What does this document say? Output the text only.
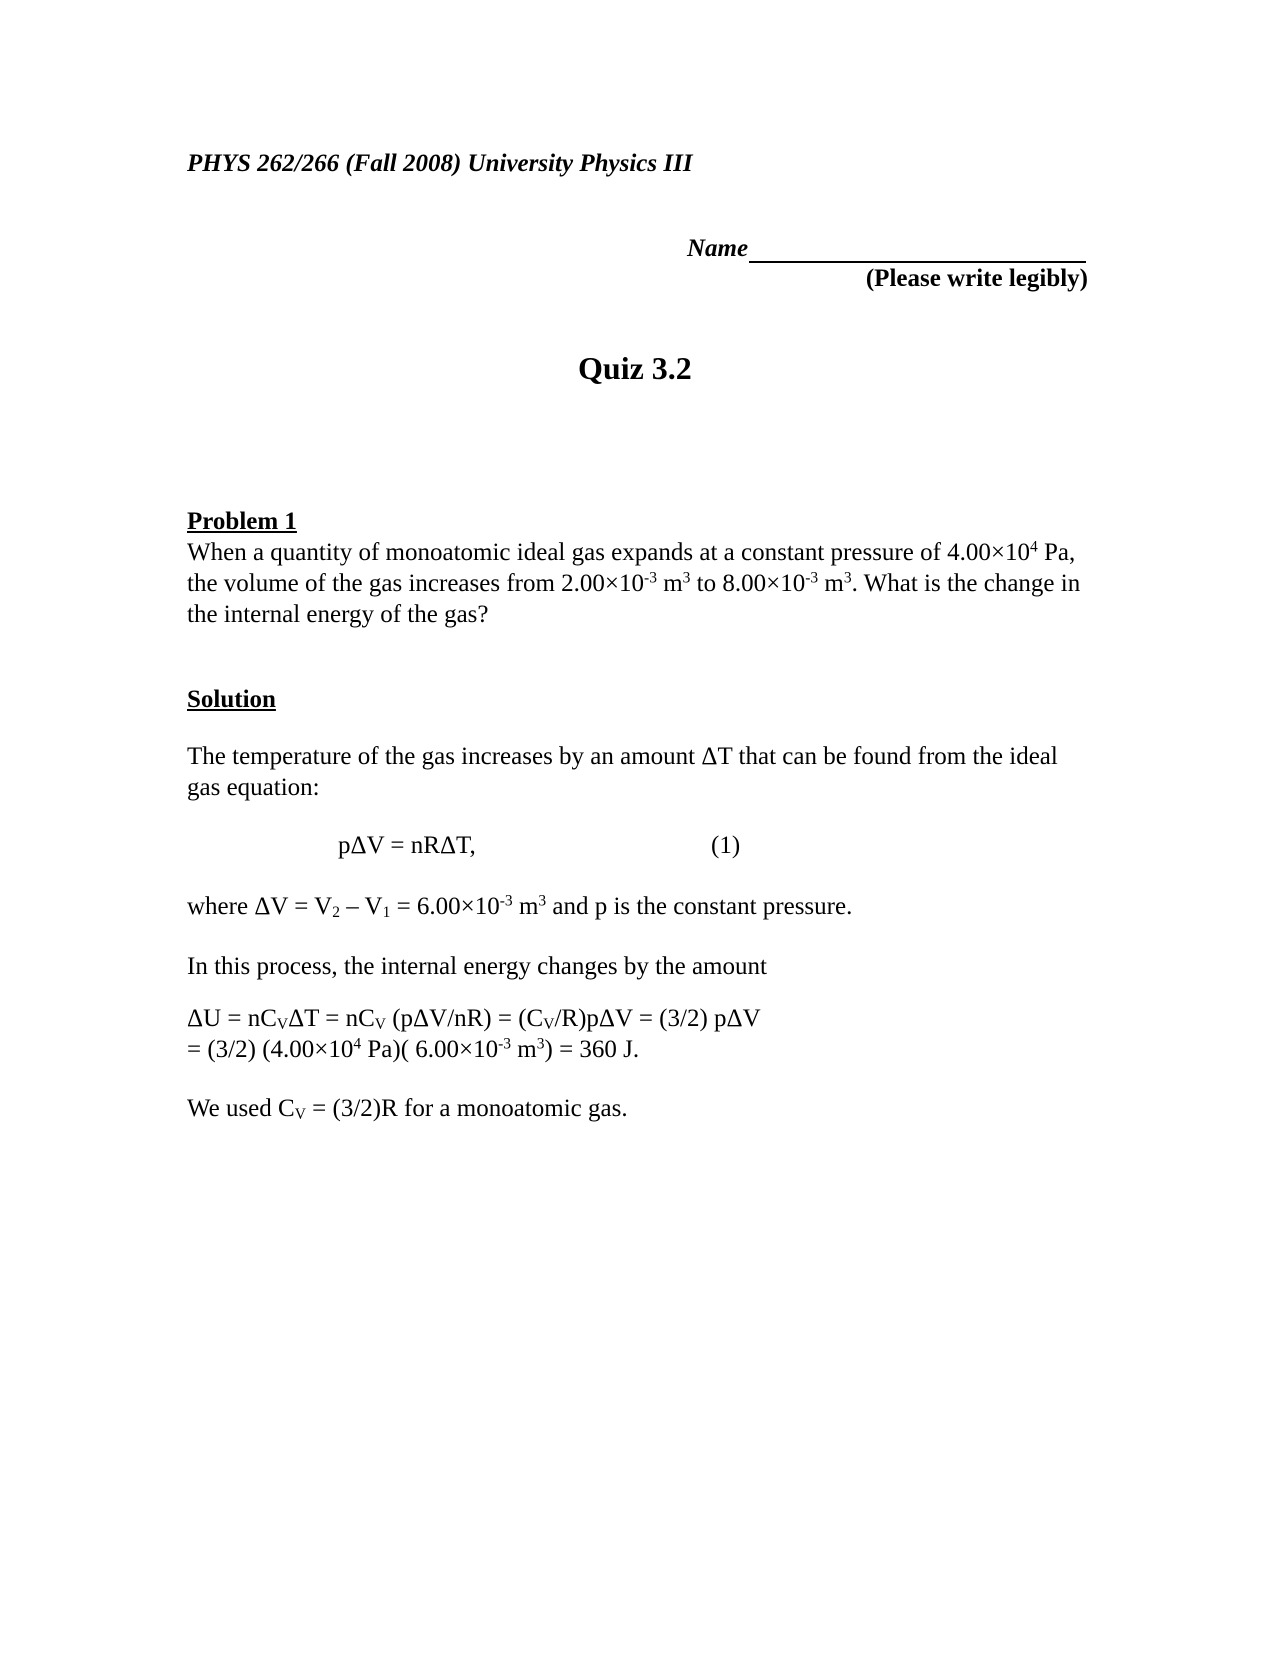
PHYS 262/266 (Fall 2008) University Physics III
Name
(Please write legibly)
Quiz 3.2
Problem 1
When a quantity of monoatomic ideal gas expands at a constant pressure of $4.00\times 10^4$ Pa, the volume of the gas increases from $2.00\times 10^{-3}$ $m^3$ to $8.00\times 10^{-3}$ $m^3$. What is the change in the internal energy of the gas?
Solution
The temperature of the gas increases by an amount ΔT that can be found from the ideal gas equation:
pΔV = nRΔT,	(1)
where $\Delta V = V_2 - V_1 = 6.00\times 10^{-3}$ $m^3$ and p is the constant pressure.
In this process, the internal energy changes by the amount
$\Delta U = nC_V\Delta T = nC_V$ $(p\Delta V/nR) = (C_V/R)p\Delta V = (3/2)$ pΔV
= (3/2) ($4.00\times 10^4$ Pa)( $6.00\times 10^{-3}$ $m^3) = 360$ J.
We used $C_V = (3/2)R$ for a monoatomic gas.
